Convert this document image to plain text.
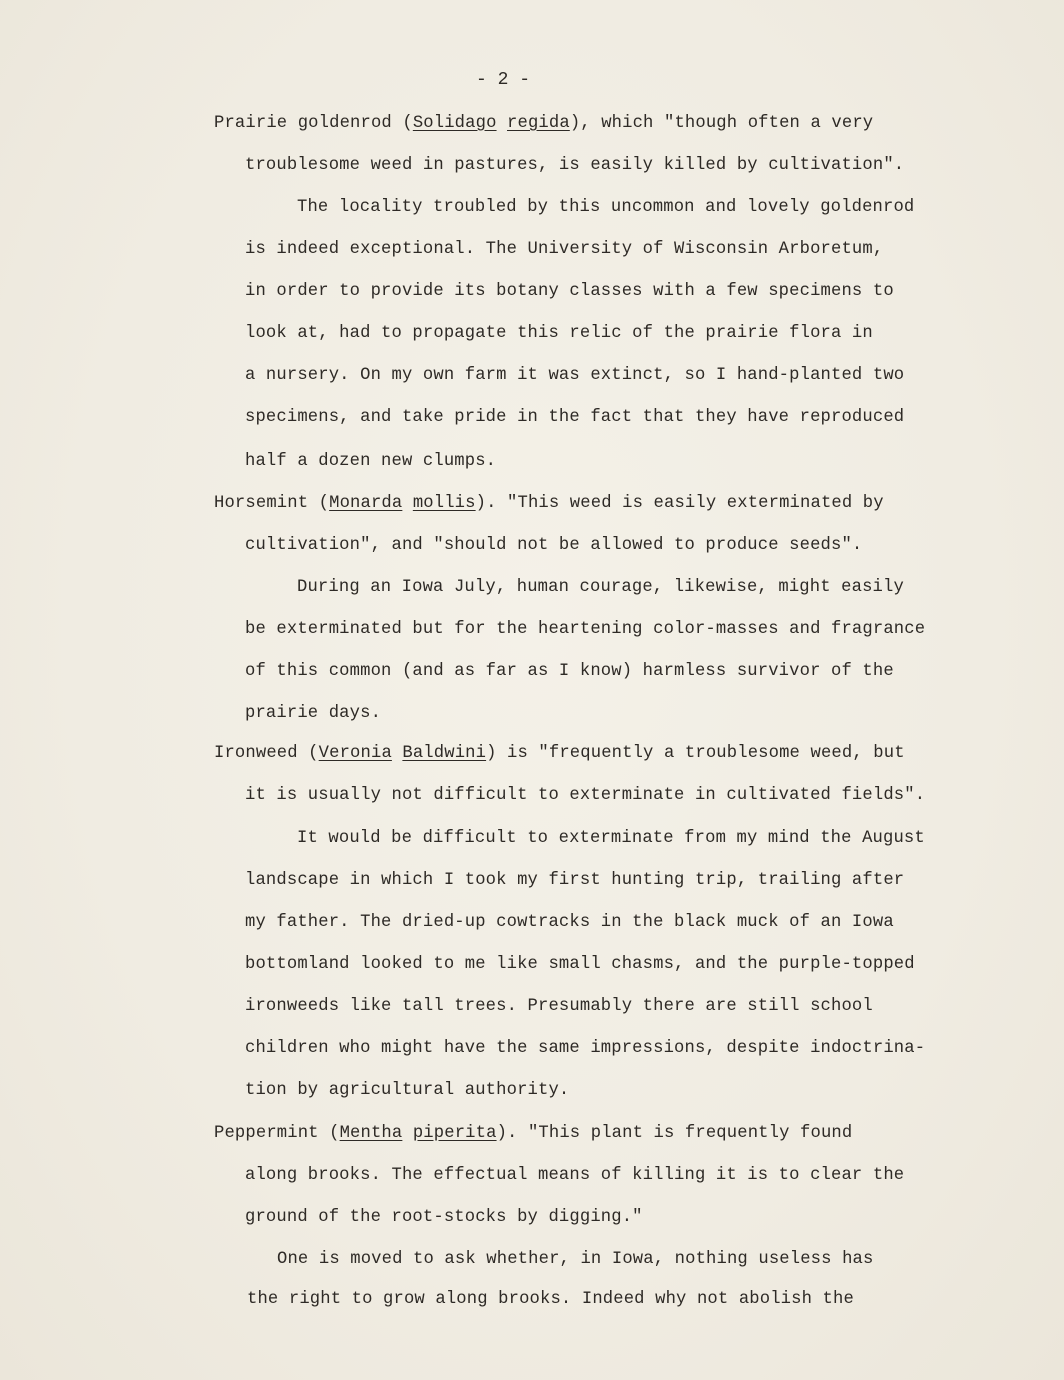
- 2 -
Prairie goldenrod (Solidago regida), which "though often a very
troublesome weed in pastures, is easily killed by cultivation".
The locality troubled by this uncommon and lovely goldenrod
is indeed exceptional. The University of Wisconsin Arboretum,
in order to provide its botany classes with a few specimens to
look at, had to propagate this relic of the prairie flora in
a nursery. On my own farm it was extinct, so I hand-planted two
specimens, and take pride in the fact that they have reproduced
half a dozen new clumps.
Horsemint (Monarda mollis). "This weed is easily exterminated by
cultivation", and "should not be allowed to produce seeds".
During an Iowa July, human courage, likewise, might easily
be exterminated but for the heartening color-masses and fragrance
of this common (and as far as I know) harmless survivor of the
prairie days.
Ironweed (Veronia Baldwini) is "frequently a troublesome weed, but
it is usually not difficult to exterminate in cultivated fields".
It would be difficult to exterminate from my mind the August
landscape in which I took my first hunting trip, trailing after
my father. The dried-up cowtracks in the black muck of an Iowa
bottomland looked to me like small chasms, and the purple-topped
ironweeds like tall trees. Presumably there are still school
children who might have the same impressions, despite indoctrina-
tion by agricultural authority.
Peppermint (Mentha piperita). "This plant is frequently found
along brooks. The effectual means of killing it is to clear the
ground of the root-stocks by digging."
One is moved to ask whether, in Iowa, nothing useless has
the right to grow along brooks. Indeed why not abolish the
